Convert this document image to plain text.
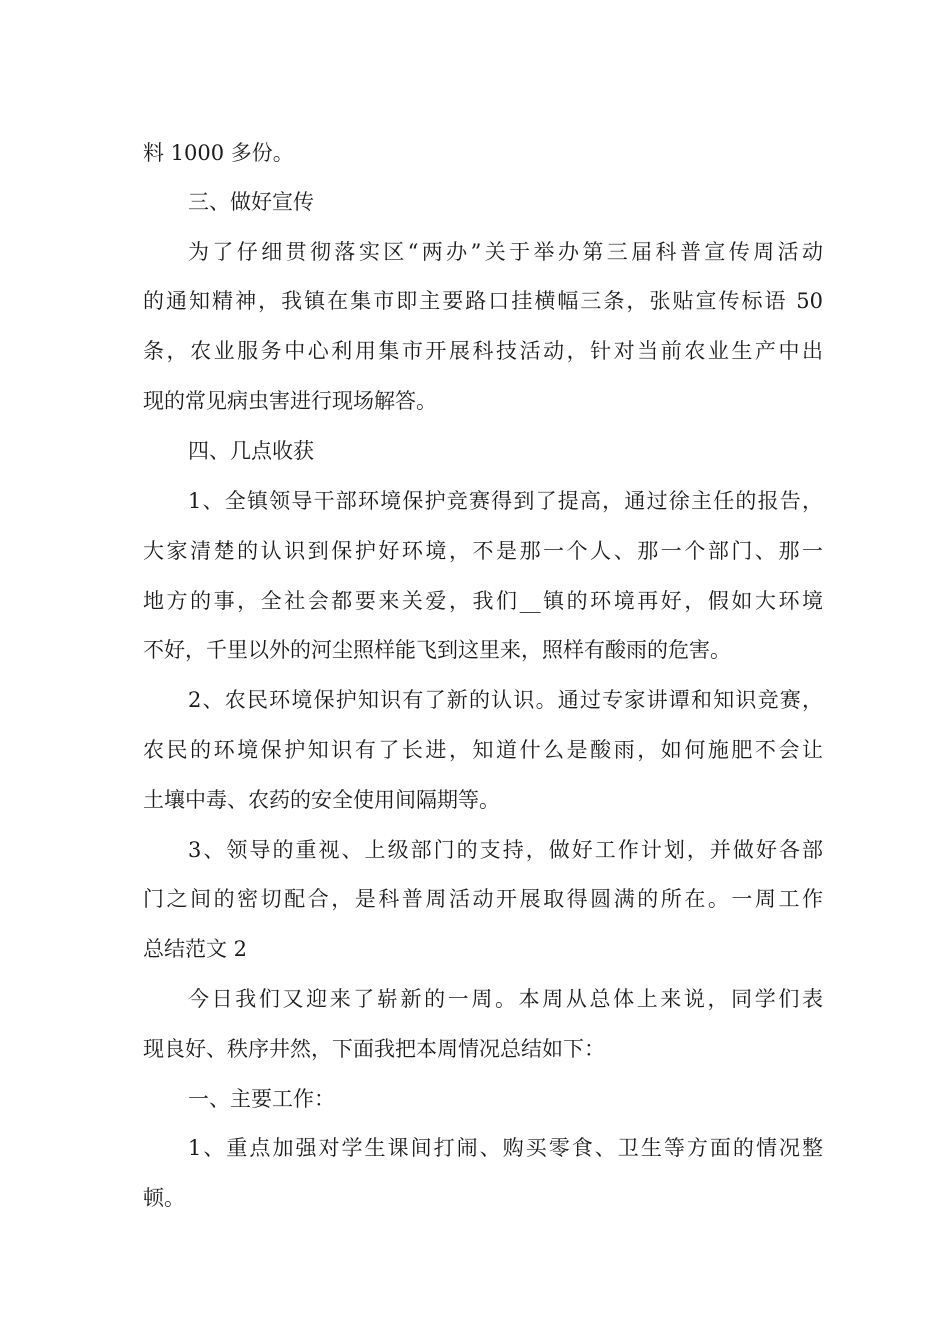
料 1000 多份。

三、做好宣传

为了仔细贯彻落实区“两办”关于举办第三届科普宣传周活动

的通知精神，我镇在集市即主要路口挂横幅三条，张贴宣传标语 50

条，农业服务中心利用集市开展科技活动，针对当前农业生产中出

现的常见病虫害进行现场解答。

四、几点收获

1、全镇领导干部环境保护竞赛得到了提高，通过徐主任的报告，

大家清楚的认识到保护好环境，不是那一个人、那一个部门、那一

地方的事，全社会都要来关爱，我们__镇的环境再好，假如大环境

不好，千里以外的河尘照样能飞到这里来，照样有酸雨的危害。

2、农民环境保护知识有了新的认识。通过专家讲谭和知识竞赛，

农民的环境保护知识有了长进，知道什么是酸雨，如何施肥不会让

土壤中毒、农药的安全使用间隔期等。

3、领导的重视、上级部门的支持，做好工作计划，并做好各部

门之间的密切配合，是科普周活动开展取得圆满的所在。一周工作

总结范文 2

今日我们又迎来了崭新的一周。本周从总体上来说，同学们表

现良好、秩序井然，下面我把本周情况总结如下：

一、主要工作：

1、重点加强对学生课间打闹、购买零食、卫生等方面的情况整

顿。
